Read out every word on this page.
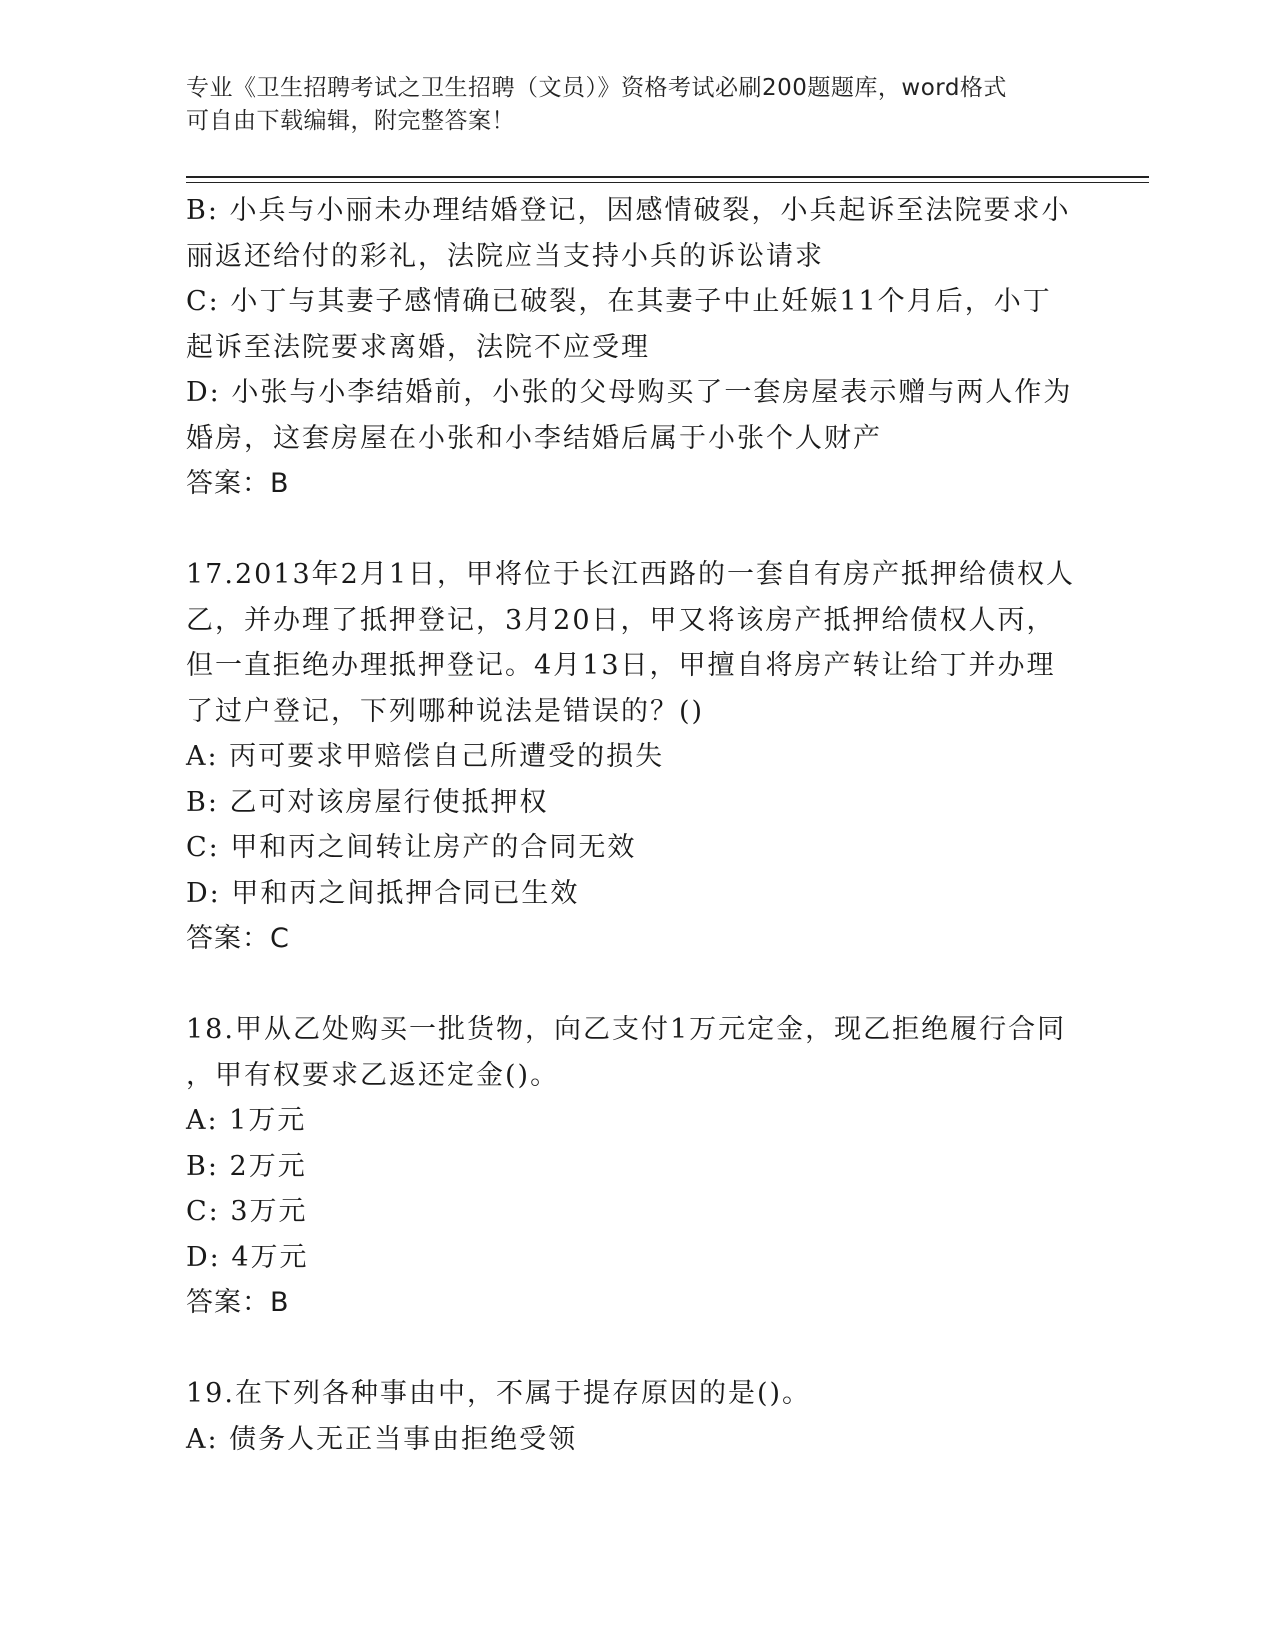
专业《卫生招聘考试之卫生招聘（文员）》资格考试必刷200题题库，word格式

可自由下载编辑，附完整答案！

B: 小兵与小丽未办理结婚登记，因感情破裂，小兵起诉至法院要求小
丽返还给付的彩礼，法院应当支持小兵的诉讼请求
C: 小丁与其妻子感情确已破裂，在其妻子中止妊娠11个月后，小丁
起诉至法院要求离婚，法院不应受理
D: 小张与小李结婚前，小张的父母购买了一套房屋表示赠与两人作为
婚房，这套房屋在小张和小李结婚后属于小张个人财产
答案：B
17.2013年2月1日，甲将位于长江西路的一套自有房产抵押给债权人
乙，并办理了抵押登记，3月20日，甲又将该房产抵押给债权人丙，
但一直拒绝办理抵押登记。4月13日，甲擅自将房产转让给丁并办理
了过户登记，下列哪种说法是错误的？()
A: 丙可要求甲赔偿自己所遭受的损失
B: 乙可对该房屋行使抵押权
C: 甲和丙之间转让房产的合同无效
D: 甲和丙之间抵押合同已生效
答案：C
18.甲从乙处购买一批货物，向乙支付1万元定金，现乙拒绝履行合同
，甲有权要求乙返还定金()。
A: 1万元
B: 2万元
C: 3万元
D: 4万元
答案：B
19.在下列各种事由中，不属于提存原因的是()。
A: 债务人无正当事由拒绝受领
